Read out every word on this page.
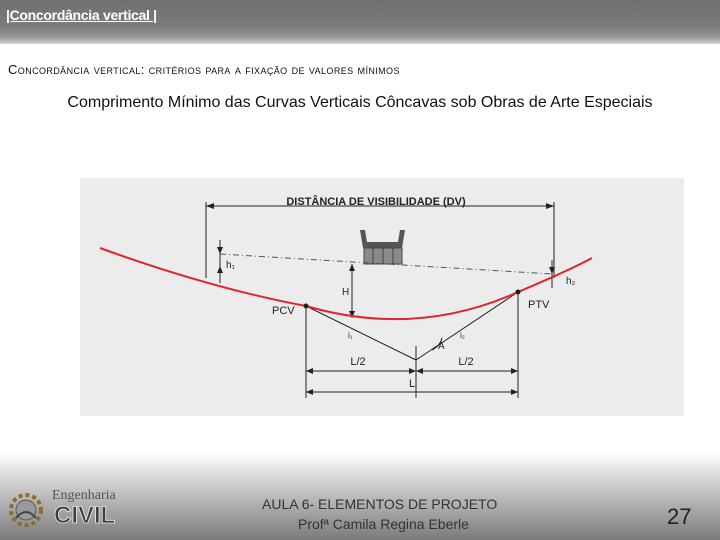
|Concordância vertical |
Concordância vertical: critérios para a fixação de valores mínimos
Comprimento Mínimo das Curvas Verticais Côncavas sob Obras de Arte Especiais
DISTÂNCIA DE VISIBILIDADE (DV)
h₁
h₂
H
PCV	PTV
i₁	i₂
A
L/2	L/2
L
Engenharia
CIVIL	AULA 6- ELEMENTOS DE PROJETO
Profª Camila Regina Eberle	27
